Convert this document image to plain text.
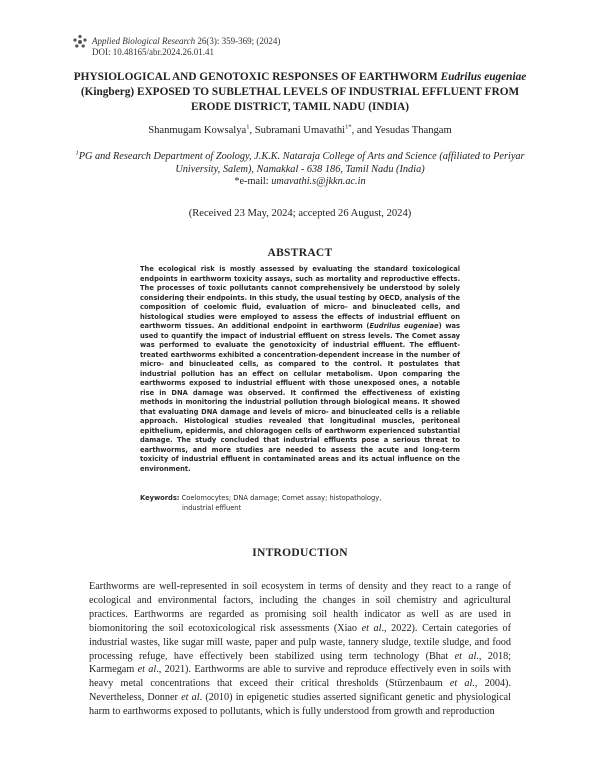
Applied Biological Research 26(3): 359-369; (2024)
DOI: 10.48165/abr.2024.26.01.41
PHYSIOLOGICAL AND GENOTOXIC RESPONSES OF EARTHWORM Eudrilus eugeniae (Kingberg) EXPOSED TO SUBLETHAL LEVELS OF INDUSTRIAL EFFLUENT FROM ERODE DISTRICT, TAMIL NADU (INDIA)
Shanmugam Kowsalya$^1$, Subramani Umavathi$^{1*}$, and Yesudas Thangam
$^1$PG and Research Department of Zoology, J.K.K. Nataraja College of Arts and Science (affiliated to Periyar University, Salem), Namakkal - 638 186, Tamil Nadu (India)
*e-mail: umavathi.s@jkkn.ac.in
(Received 23 May, 2024; accepted 26 August, 2024)
ABSTRACT
The ecological risk is mostly assessed by evaluating the standard toxicological endpoints in earthworm toxicity assays, such as mortality and reproductive effects. The processes of toxic pollutants cannot comprehensively be understood by solely considering their endpoints. In this study, the usual testing by OECD, analysis of the composition of coelomic fluid, evaluation of micro- and binucleated cells, and histological studies were employed to assess the effects of industrial effluent on earthworm tissues. An additional endpoint in earthworm (Eudrilus eugeniae) was used to quantify the impact of industrial effluent on stress levels. The Comet assay was performed to evaluate the genotoxicity of industrial effluent. The effluent-treated earthworms exhibited a concentration-dependent increase in the number of micro- and binucleated cells, as compared to the control. It postulates that industrial pollution has an effect on cellular metabolism. Upon comparing the earthworms exposed to industrial effluent with those unexposed ones, a notable rise in DNA damage was observed. It confirmed the effectiveness of existing methods in monitoring the industrial pollution through biological means. It showed that evaluating DNA damage and levels of micro- and binucleated cells is a reliable approach. Histological studies revealed that longitudinal muscles, peritoneal epithelium, epidermis, and chloragogen cells of earthworm experienced substantial damage. The study concluded that industrial effluents pose a serious threat to earthworms, and more studies are needed to assess the acute and long-term toxicity of industrial effluent in contaminated areas and its actual influence on the environment.
Keywords: Coelomocytes; DNA damage; Comet assay; histopathology,
industrial effluent
INTRODUCTION
Earthworms are well-represented in soil ecosystem in terms of density and they react to a range of ecological and environmental factors, including the changes in soil chemistry and agricultural practices. Earthworms are regarded as promising soil health indicator as well as are used in biomonitoring the soil ecotoxicological risk assessments (Xiao et al., 2022). Certain categories of industrial wastes, like sugar mill waste, paper and pulp waste, tannery sludge, textile sludge, and food processing refuge, have effectively been stabilized using term technology (Bhat et al., 2018; Karmegam et al., 2021). Earthworms are able to survive and reproduce effectively even in soils with heavy metal concentrations that exceed their critical thresholds (Stürzenbaum et al., 2004). Nevertheless, Donner et al. (2010) in epigenetic studies asserted significant genetic and physiological harm to earthworms exposed to pollutants, which is fully understood from growth and reproduction
